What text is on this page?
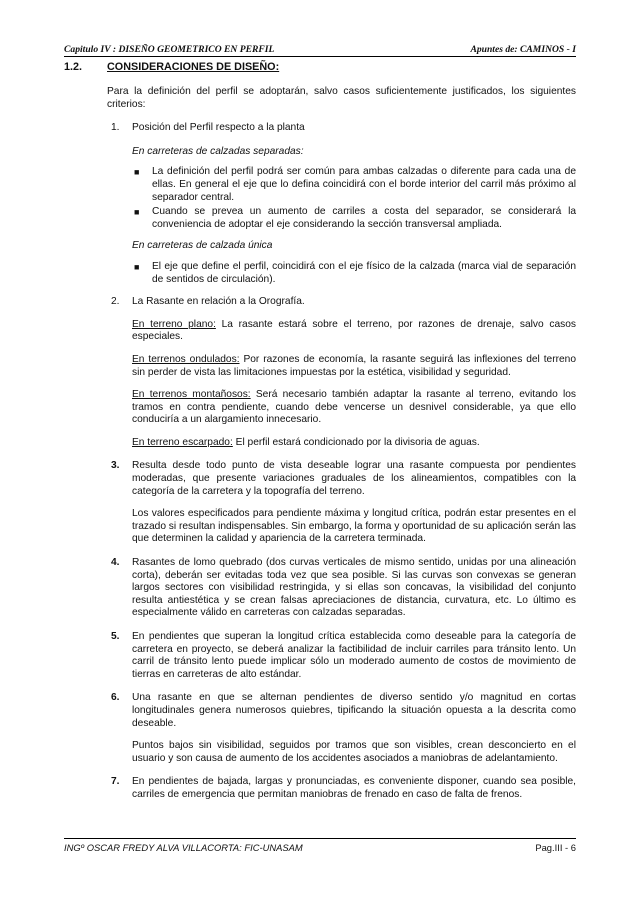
Capitulo IV : DISEÑO GEOMETRICO EN PERFIL	Apuntes de: CAMINOS - I
1.2. CONSIDERACIONES DE DISEÑO:

Para la definición del perfil se adoptarán, salvo casos suficientemente justificados, los siguientes criterios:

1. Posición del Perfil respecto a la planta

En carreteras de calzadas separadas:

■ La definición del perfil podrá ser común para ambas calzadas o diferente para cada una de ellas. En general el eje que lo defina coincidirá con el borde interior del carril más próximo al separador central.
■ Cuando se prevea un aumento de carriles a costa del separador, se considerará la conveniencia de adoptar el eje considerando la sección transversal ampliada.

En carreteras de calzada única

■ El eje que define el perfil, coincidirá con el eje físico de la calzada (marca vial de separación de sentidos de circulación).
2. La Rasante en relación a la Orografía.

En terreno plano: La rasante estará sobre el terreno, por razones de drenaje, salvo casos especiales.

En terrenos ondulados: Por razones de economía, la rasante seguirá las inflexiones del terreno sin perder de vista las limitaciones impuestas por la estética, visibilidad y seguridad.

En terrenos montañosos: Será necesario también adaptar la rasante al terreno, evitando los tramos en contra pendiente, cuando debe vencerse un desnivel considerable, ya que ello conduciría a un alargamiento innecesario.

En terreno escarpado: El perfil estará condicionado por la divisoria de aguas.

3. Resulta desde todo punto de vista deseable lograr una rasante compuesta por pendientes moderadas, que presente variaciones graduales de los alineamientos, compatibles con la categoría de la carretera y la topografía del terreno.

Los valores especificados para pendiente máxima y longitud crítica, podrán estar presentes en el trazado si resultan indispensables. Sin embargo, la forma y oportunidad de su aplicación serán las que determinen la calidad y apariencia de la carretera terminada.

4. Rasantes de lomo quebrado (dos curvas verticales de mismo sentido, unidas por una alineación corta), deberán ser evitadas toda vez que sea posible. Si las curvas son convexas se generan largos sectores con visibilidad restringida, y si ellas son concavas, la visibilidad del conjunto resulta antiestética y se crean falsas apreciaciones de distancia, curvatura, etc. Lo último es especialmente válido en carreteras con calzadas separadas.

5. En pendientes que superan la longitud crítica establecida como deseable para la categoría de carretera en proyecto, se deberá analizar la factibilidad de incluir carriles para tránsito lento. Un carril de tránsito lento puede implicar sólo un moderado aumento de costos de movimiento de tierras en carreteras de alto estándar.

6. Una rasante en que se alternan pendientes de diverso sentido y/o magnitud en cortas longitudinales genera numerosos quiebres, tipificando la situación opuesta a la descrita como deseable.

Puntos bajos sin visibilidad, seguidos por tramos que son visibles, crean desconcierto en el usuario y son causa de aumento de los accidentes asociados a maniobras de adelantamiento.

7. En pendientes de bajada, largas y pronunciadas, es conveniente disponer, cuando sea posible, carriles de emergencia que permitan maniobras de frenado en caso de falta de frenos.

INGº OSCAR FREDY ALVA VILLACORTA: FIC-UNASAM	Pag.III - 6
